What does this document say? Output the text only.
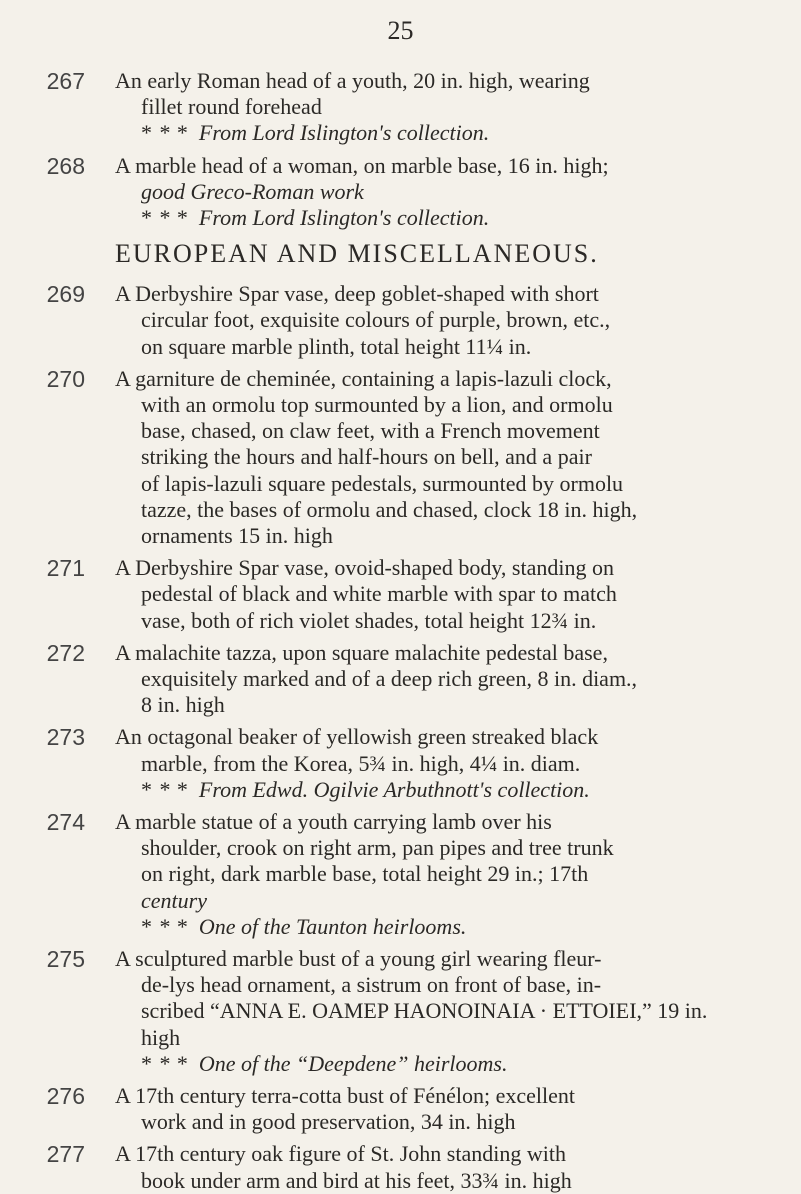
25
EUROPEAN AND MISCELLANEOUS.
267 An early Roman head of a youth, 20 in. high, wearing
fillet round forehead
* * * From Lord Islington's collection.
268 A marble head of a woman, on marble base, 16 in. high;
good Greco-Roman work
* * * From Lord Islington's collection.
269 A Derbyshire Spar vase, deep goblet-shaped with short
circular foot, exquisite colours of purple, brown, etc.,
on square marble plinth, total height 11¼ in.
270 A garniture de cheminée, containing a lapis-lazuli clock,
with an ormolu top surmounted by a lion, and ormolu
base, chased, on claw feet, with a French movement
striking the hours and half-hours on bell, and a pair
of lapis-lazuli square pedestals, surmounted by ormolu
tazze, the bases of ormolu and chased, clock 18 in. high,
ornaments 15 in. high
271 A Derbyshire Spar vase, ovoid-shaped body, standing on
pedestal of black and white marble with spar to match
vase, both of rich violet shades, total height 12¾ in.
272 A malachite tazza, upon square malachite pedestal base,
exquisitely marked and of a deep rich green, 8 in. diam.,
8 in. high
273 An octagonal beaker of yellowish green streaked black
marble, from the Korea, 5¾ in. high, 4¼ in. diam.
* * * From Edwd. Ogilvie Arbuthnott's collection.
274 A marble statue of a youth carrying lamb over his
shoulder, crook on right arm, pan pipes and tree trunk
on right, dark marble base, total height 29 in.; 17th
century
* * * One of the Taunton heirlooms.
275 A sculptured marble bust of a young girl wearing fleur-
de-lys head ornament, a sistrum on front of base, in-
scribed “ANNA E. OAMEP HAONOINAIA · ETTOIEI,” 19 in.
high
* * * One of the “Deepdene” heirlooms.
276 A 17th century terra-cotta bust of Fénélon; excellent
work and in good preservation, 34 in. high
277 A 17th century oak figure of St. John standing with
book under arm and bird at his feet, 33¾ in. high
